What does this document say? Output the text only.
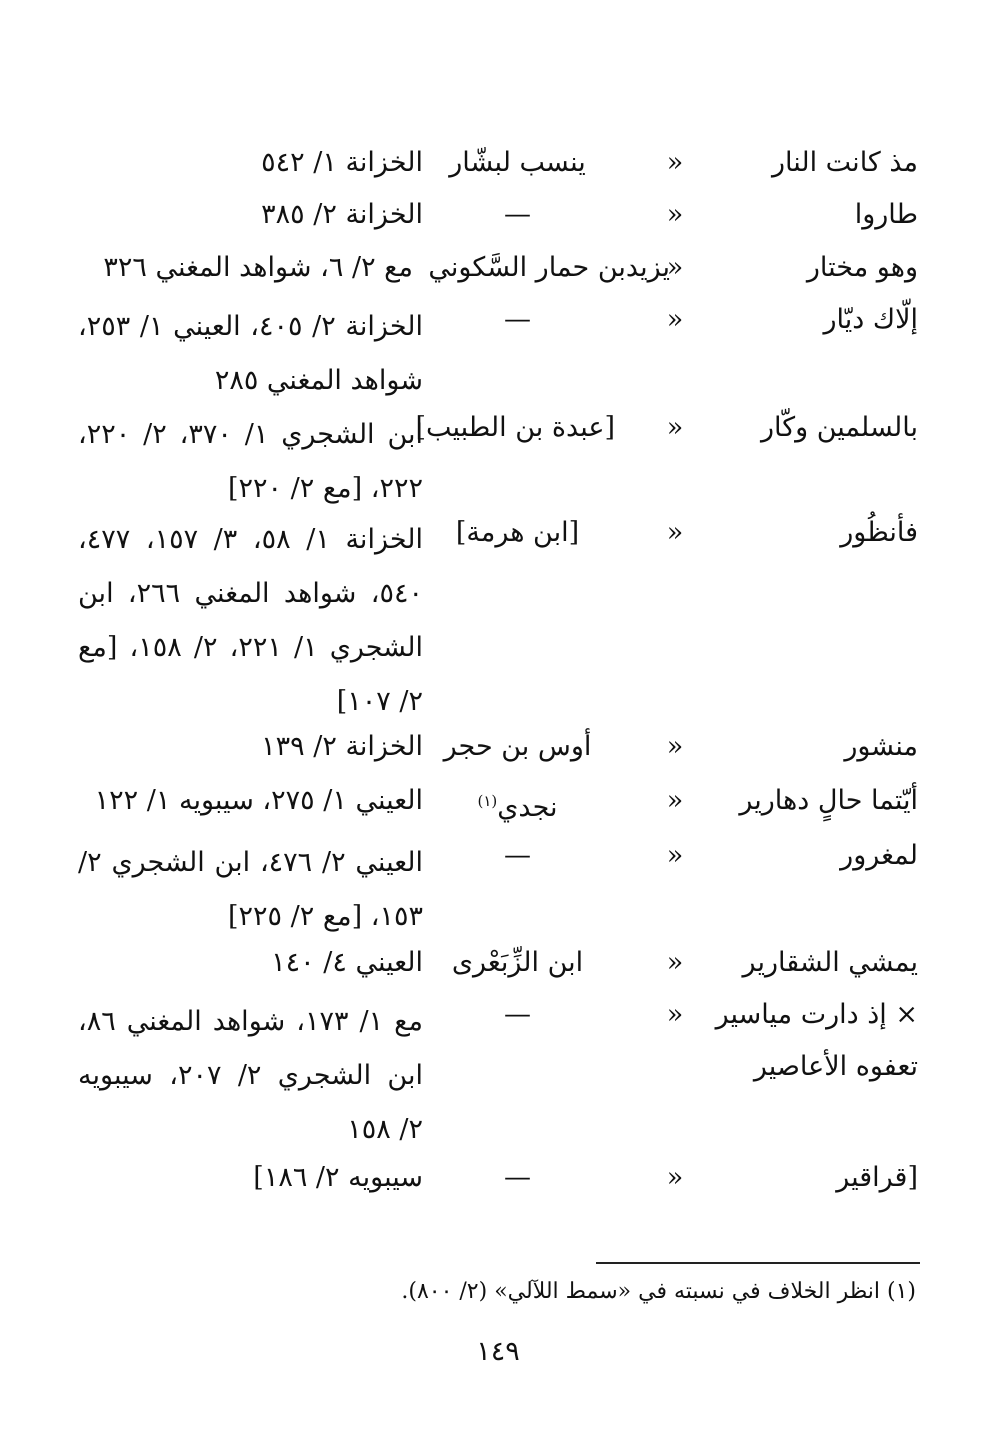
مذ كانت النار
«
ينسب لبشّار
الخزانة ١/ ٥٤٢
طاروا
«
—
الخزانة ٢/ ٣٨٥
وهو مختار
«
يزيدبن حمار السَّكوني
مع ٢/ ٦، شواهد المغني ٣٢٦
إلّاك ديّار
«
—
الخزانة ٢/ ٤٠٥، العيني ١/ ٢٥٣، شواهد المغني ٢٨٥
بالسلمين وكّار
«
[عبدة بن الطبيب]
ابن الشجري ١/ ٣٧٠، ٢/ ٢٢٠، ٢٢٢، [مع ٢/ ٢٢٠]
فأنظُور
«
[ابن هرمة]
الخزانة ١/ ٥٨، ٣/ ١٥٧، ٤٧٧، ٥٤٠، شواهد المغني ٢٦٦، ابن الشجري ١/ ٢٢١، ٢/ ١٥٨، [مع ٢/ ١٠٧]
منشور
«
أوس بن حجر
الخزانة ٢/ ١٣٩
أيّتما حالٍ دهارير
«
نجدي$^{(١)}$
العيني ١/ ٢٧٥، سيبويه ١/ ١٢٢
لمغرور
«
—
العيني ٢/ ٤٧٦، ابن الشجري ٢/ ١٥٣، [مع ٢/ ٢٢٥]
يمشي الشقارير
«
ابن الزِّبَعْرى
العيني ٤/ ١٤٠
× إذ دارت مياسير
تعفوه الأعاصير
«
—
مع ١/ ١٧٣، شواهد المغني ٨٦، ابن الشجري ٢/ ٢٠٧، سيبويه ٢/ ١٥٨
[قراقير
«
—
سيبويه ٢/ ١٨٦]
(١) انظر الخلاف في نسبته في «سمط اللآلي» (٢/ ٨٠٠).
١٤٩
